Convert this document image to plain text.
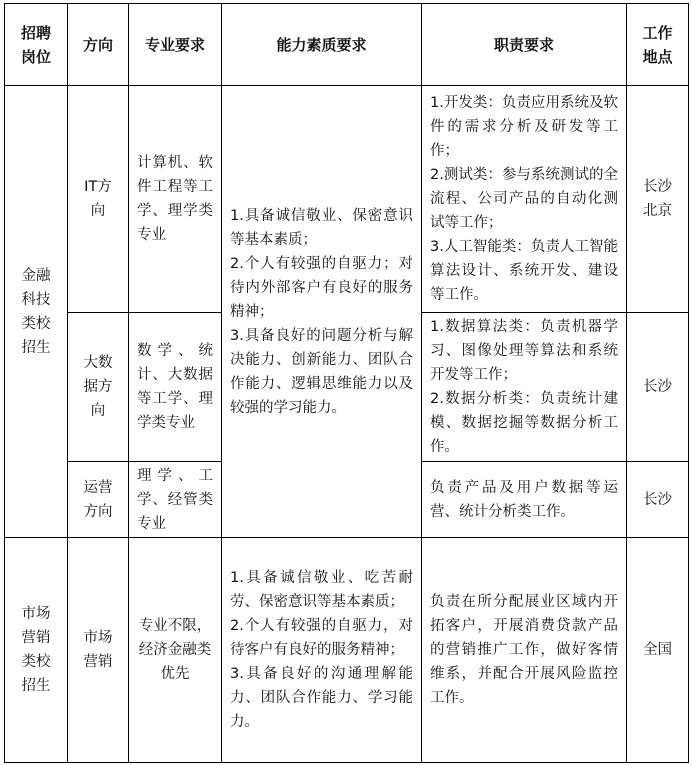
招聘
岗位	方向	专业要求	能力素质要求	职责要求	工作
地点

金融
科技
类校
招生	IT方
向	计算机、软件工程等工学、理学类专业	1.具备诚信敬业、保密意识等基本素质；
2.个人有较强的自驱力；对待内外部客户有良好的服务精神；
3.具备良好的问题分析与解决能力、创新能力、团队合作能力、逻辑思维能力以及较强的学习能力。	1.开发类：负责应用系统及软件的需求分析及研发等工作；
2.测试类：参与系统测试的全流程、公司产品的自动化测试等工作；
3.人工智能类：负责人工智能算法设计、系统开发、建设等工作。	长沙
北京

	大数
据方
向	数学、统计、大数据等工学、理学类专业		1.数据算法类：负责机器学习、图像处理等算法和系统开发等工作；
2.数据分析类：负责统计建模、数据挖掘等数据分析工作。	长沙

	运营
方向	理学、工学、经管类专业		负责产品及用户数据等运营、统计分析类工作。	长沙

市场
营销
类校
招生	市场
营销	专业不限，经济金融类优先	1.具备诚信敬业、吃苦耐劳、保密意识等基本素质；
2.个人有较强的自驱力，对待客户有良好的服务精神；
3.具备良好的沟通理解能力、团队合作能力、学习能力。	负责在所分配展业区域内开拓客户，开展消费贷款产品的营销推广工作，做好客情维系，并配合开展风险监控工作。	全国
